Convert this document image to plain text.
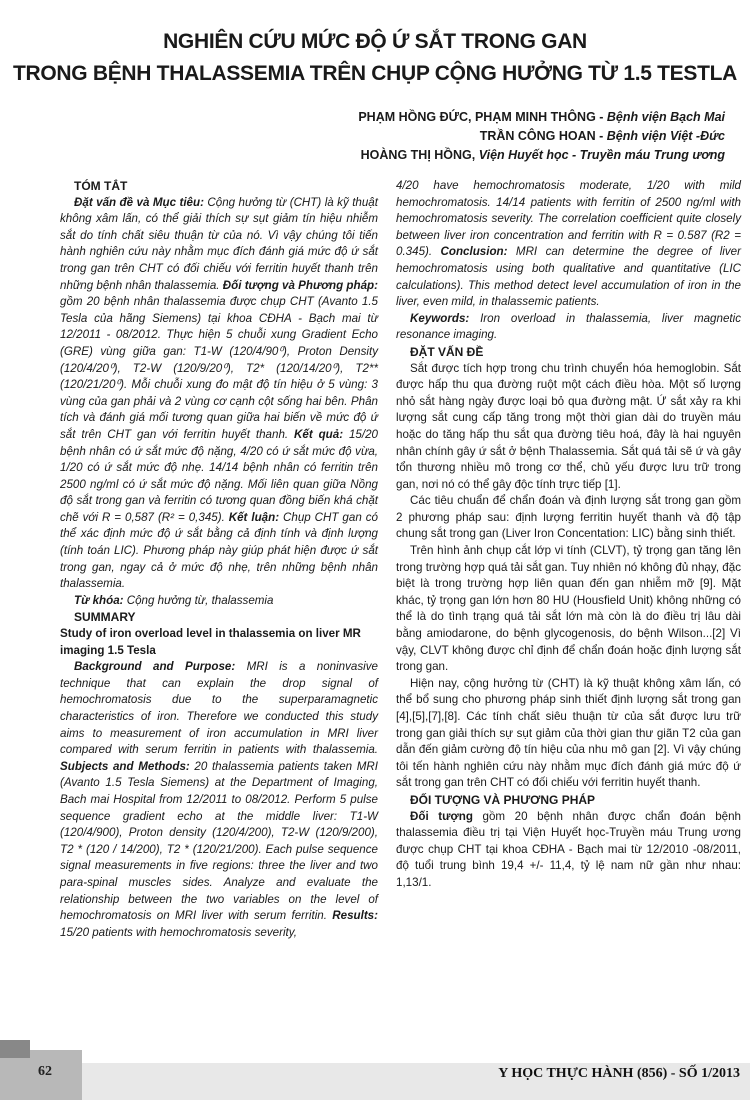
NGHIÊN CỨU MỨC ĐỘ Ứ SẮT TRONG GAN
TRONG BỆNH THALASSEMIA TRÊN CHỤP CỘNG HƯỞNG TỪ 1.5 TESTLA
PHẠM HỒNG ĐỨC, PHẠM MINH THÔNG - Bệnh viện Bạch Mai
TRẦN CÔNG HOAN - Bệnh viện Việt -Đức
HOÀNG THỊ HỒNG, Viện Huyết học - Truyền máu Trung ương

TÓM TẮT

Đặt vấn đề và Mục tiêu: Cộng hưởng từ (CHT) là kỹ thuật không xâm lấn, có thể giải thích sự sụt giảm tín hiệu nhiễm sắt do tính chất siêu thuận từ của nó. Vì vậy chúng tôi tiến hành nghiên cứu này nhằm mục đích đánh giá mức độ ứ sắt trong gan trên CHT có đối chiếu với ferritin huyết thanh trên những bệnh nhân thalassemia. Đối tượng và Phương pháp: gồm 20 bệnh nhân thalassemia được chụp CHT (Avanto 1.5 Tesla của hãng Siemens) tại khoa CĐHA - Bạch mai từ 12/2011 - 08/2012. Thực hiện 5 chuỗi xung Gradient Echo (GRE) vùng giữa gan: T1-W (120/4/90⁰), Proton Density (120/4/20⁰), T2-W (120/9/20⁰), T2* (120/14/20⁰), T2** (120/21/20⁰). Mỗi chuỗi xung đo mật độ tín hiệu ở 5 vùng: 3 vùng của gan phải và 2 vùng cơ cạnh cột sống hai bên. Phân tích và đánh giá mối tương quan giữa hai biến về mức độ ứ sắt trên CHT gan với ferritin huyết thanh. Kết quả: 15/20 bệnh nhân có ứ sắt mức độ nặng, 4/20 có ứ sắt mức độ vừa, 1/20 có ứ sắt mức độ nhẹ. 14/14 bệnh nhân có ferritin trên 2500 ng/ml có ứ sắt mức độ nặng. Mối liên quan giữa Nồng độ sắt trong gan và ferritin có tương quan đồng biến khá chặt chẽ với R = 0,587 (R² = 0,345). Kết luận: Chụp CHT gan có thể xác định mức độ ứ sắt bằng cả định tính và định lượng (tính toán LIC). Phương pháp này giúp phát hiện được ứ sắt trong gan, ngay cả ở mức độ nhẹ, trên những bệnh nhân thalassemia.

Từ khóa: Cộng hưởng từ, thalassemia

SUMMARY

Study of iron overload level in thalassemia on liver MR imaging 1.5 Tesla

Background and Purpose: MRI is a noninvasive technique that can explain the drop signal of hemochromatosis due to the superparamagnetic characteristics of iron. Therefore we conducted this study aims to measurement of iron accumulation in MRI liver compared with serum ferritin in patients with thalassemia. Subjects and Methods: 20 thalassemia patients taken MRI (Avanto 1.5 Tesla Siemens) at the Department of Imaging, Bach mai Hospital from 12/2011 to 08/2012. Perform 5 pulse sequence gradient echo at the middle liver: T1-W (120/4/900), Proton density (120/4/200), T2-W (120/9/200), T2 * (120 / 14/200), T2 * (120/21/200). Each pulse sequence signal measurements in five regions: three the liver and two para-spinal muscles sides. Analyze and evaluate the relationship between the two variables on the level of hemochromatosis on MRI liver with serum ferritin. Results: 15/20 patients with hemochromatosis severity,

4/20 have hemochromatosis moderate, 1/20 with mild hemochromatosis. 14/14 patients with ferritin of 2500 ng/ml with hemochromatosis severity. The correlation coefficient quite closely between liver iron concentration and ferritin with R = 0.587 (R2 = 0.345). Conclusion: MRI can determine the degree of liver hemochromatosis using both qualitative and quantitative (LIC calculations). This method detect level accumulation of iron in the liver, even mild, in thalassemic patients.

Keywords: Iron overload in thalassemia, liver magnetic resonance imaging.

ĐẶT VẤN ĐỀ

Sắt được tích hợp trong chu trình chuyển hóa hemoglobin. Sắt được hấp thu qua đường ruột một cách điều hòa. Một số lượng nhỏ sắt hàng ngày được loại bỏ qua đường mật. Ứ sắt xảy ra khi lượng sắt cung cấp tăng trong một thời gian dài do truyền máu hoặc do tăng hấp thu sắt qua đường tiêu hoá, đây là hai nguyên nhân chính gây ứ sắt ở bệnh Thalassemia. Sắt quá tải sẽ ứ và gây tổn thương nhiều mô trong cơ thể, chủ yếu được lưu trữ trong gan, nơi nó có thể gây độc tính trực tiếp [1].

Các tiêu chuẩn để chẩn đoán và định lượng sắt trong gan gồm 2 phương pháp sau: định lượng ferritin huyết thanh và độ tập chung sắt trong gan (Liver Iron Concentation: LIC) bằng sinh thiết.

Trên hình ảnh chụp cắt lớp vi tính (CLVT), tỷ trọng gan tăng lên trong trường hợp quá tải sắt gan. Tuy nhiên nó không đủ nhạy, đặc biệt là trong trường hợp liên quan đến gan nhiễm mỡ [9]. Mặt khác, tỷ trọng gan lớn hơn 80 HU (Housfield Unit) không những có thể là do tình trạng quá tải sắt lớn mà còn là do điều trị lâu dài bằng amiodarone, do bệnh glycogenosis, do bệnh Wilson...[2] Vì vậy, CLVT không được chỉ định để chẩn đoán hoặc định lượng sắt trong gan.

Hiện nay, cộng hưởng từ (CHT) là kỹ thuật không xâm lấn, có thể bổ sung cho phương pháp sinh thiết định lượng sắt trong gan [4],[5],[7],[8]. Các tính chất siêu thuận từ của sắt được lưu trữ trong gan giải thích sự sụt giảm của thời gian thư giãn T2 của gan dẫn đến giảm cường độ tín hiệu của nhu mô gan [2]. Vì vậy chúng tôi tến hành nghiên cứu này nhằm mục đích đánh giá mức độ ứ sắt trong gan trên CHT có đối chiếu với ferritin huyết thanh.

ĐỐI TƯỢNG VÀ PHƯƠNG PHÁP

Đối tượng gồm 20 bệnh nhân được chẩn đoán bệnh thalassemia điều trị tại Viện Huyết học-Truyền máu Trung ương được chụp CHT tại khoa CĐHA - Bạch mai từ 12/2010 -08/2011, độ tuổi trung bình 19,4 +/- 11,4, tỷ lệ nam nữ gần như nhau: 1,13/1.

62	Y HỌC THỰC HÀNH (856) - SỐ 1/2013
